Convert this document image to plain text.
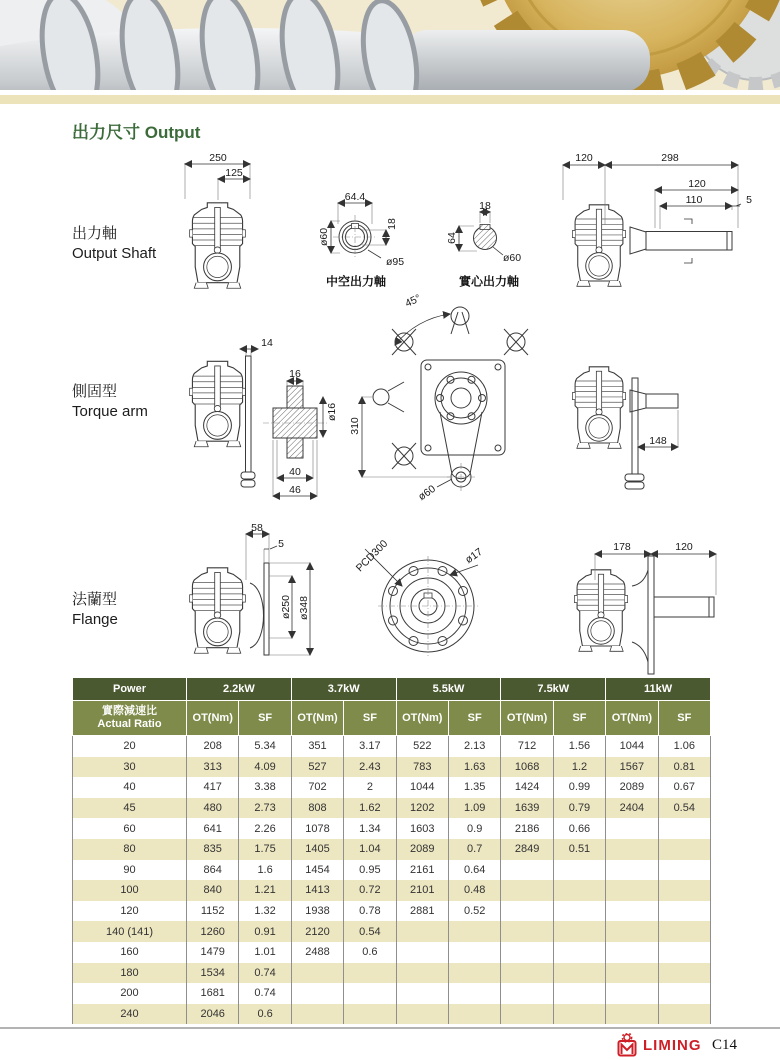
出力尺寸 Output
出力軸
Output Shaft
側固型
Torque arm
法蘭型
Flange
250
125
64.4
18
ø60
ø95
中空出力軸
18
64
ø60
實心出力軸
120	298
120
110	5
14
16
ø16
40
46
45°
310
ø60
148
58
5
ø250 ø348
PCD300	ø17	178	120
Power	2.2kW		3.7kW		5.5kW		7.5kW		11kW	
實際減速比
Actual Ratio	OT(Nm)	SF	OT(Nm)	SF	OT(Nm)	SF	OT(Nm)	SF	OT(Nm)	SF
20	208	5.34	351	3.17	522	2.13	712	1.56	1044	1.06
30	313	4.09	527	2.43	783	1.63	1068	1.2	1567	0.81
40	417	3.38	702	2	1044	1.35	1424	0.99	2089	0.67
45	480	2.73	808	1.62	1202	1.09	1639	0.79	2404	0.54
60	641	2.26	1078	1.34	1603	0.9	2186	0.66		
80	835	1.75	1405	1.04	2089	0.7	2849	0.51		
90	864	1.6	1454	0.95	2161	0.64				
100	840	1.21	1413	0.72	2101	0.48				
120	1152	1.32	1938	0.78	2881	0.52				
140 (141)	1260	0.91	2120	0.54						
160	1479	1.01	2488	0.6						
180	1534	0.74								
200	1681	0.74								
240	2046	0.6								
LIMING C14
